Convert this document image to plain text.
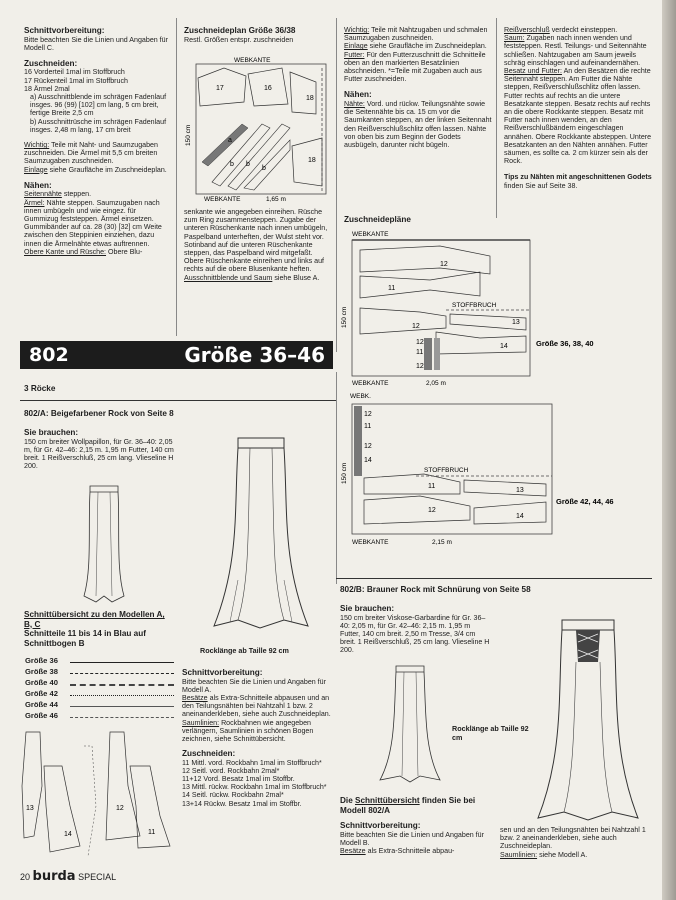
Schnittvorbereitung:

Bitte beachten Sie die Linien und Angaben für Modell C.

Zuschneiden:

16 Vorderteil 1mal im Stoffbruch

17 Rückenteil 1mal im Stoffbruch

18 Ärmel 2mal

a) Ausschnittblende im schrägen Fadenlauf insges. 96 (99) [102] cm lang, 5 cm breit, fertige Breite 2,5 cm

b) Ausschnittrüsche im schrägen Fadenlauf insges. 2,48 m lang, 17 cm breit

Wichtig: Teile mit Naht- und Saumzugaben zuschneiden. Die Ärmel mit 5,5 cm breiten Saumzugaben zuschneiden.

Einlage siehe Graufläche im Zuschneideplan.

Nähen:

Seitennähte steppen.

Ärmel: Nähte steppen. Saumzugaben nach innen umbügeln und wie eingez. für Gummizug feststeppen. Ärmel einsetzen. Gummibänder auf ca. 28 (30) [32] cm Weite zwischen den Steppinien einziehen, dazu innen die Ärmelnähte etwas auftrennen.

Obere Kante und Rüsche: Obere Blu-

Zuschneideplan Größe 36/38

Restl. Größen entspr. zuschneiden

WEBKANTE
WEBKANTE	1,65 m
150 cm
17	16
18
18
a
b b
b

senkante wie angegeben einreihen. Rüsche zum Ring zusammensteppen. Zugabe der unteren Rüschenkante nach innen umbügeln, Paspelband unterheften, der Wulst steht vor. Sotinband auf die unteren Rüschenkante steppen, das Paspelband wird mitgefaßt. Obere Rüschenkante einreihen und links auf rechts auf die obere Blusenkante heften.

Ausschnittblende und Saum siehe Bluse A.

Wichtig: Teile mit Nahtzugaben und schmalen Saumzugaben zuschneiden.

Einlage siehe Graufläche im Zuschneideplan.

Futter: Für den Futterzuschnitt die Schnitteile oben an den markierten Besatzlinien abschneiden. *=Teile mit Zugaben auch aus Futter zuschneiden.

Nähen:

Nähte: Vord. und rückw. Teilungsnähte sowie die Seitennähte bis ca. 15 cm vor die Saumkanten steppen, an der linken Seitennaht den Reißverschlußschlitz offen lassen. Nähte von oben bis zum Beginn der Godets ausbügeln, darunter nicht bügeln.

Reißverschluß verdeckt einsteppen.

Saum: Zugaben nach innen wenden und feststeppen. Restl. Teilungs- und Seitennähte schließen. Nahtzugaben am Saum jeweils schräg einschlagen und aufeinandernähen.

Besatz und Futter: An den Besätzen die rechte Seitennaht steppen. Am Futter die Nähte steppen, Reißverschlußschlitz offen lassen. Futter rechts auf rechts an die untere Besatzkante steppen. Besatz rechts auf rechts an die obere Rockkante steppen. Besatz mit Futter nach innen wenden, an den Reißverschlußbändern eingeschlagen annähen. Obere Rockkante absteppen. Untere Besatzkanten an den Nähten annähen. Futter säumen, es sollte ca. 2 cm kürzer sein als der Rock.

Tips zu Nähten mit angeschnittenen Godets finden Sie auf Seite 38.

Zuschneidepläne
WEBKANTE
150 cm
WEBKANTE	2,05 m
STOFFBRUCH
12
11
13
12
14
12
11
12
Größe 36, 38, 40
WEBK.
150 cm
WEBKANTE	2,15 m
STOFFBRUCH
12
11
12
14
11
13
12
14
Größe 42, 44, 46
802	Größe 36–46
3 Röcke
802/A: Beigefarbener Rock von Seite 8

Sie brauchen:

150 cm breiter Wollpapillon, für Gr. 36–40: 2,05 m, für Gr. 42–46: 2,15 m. 1,95 m Futter, 140 cm breit. 1 Reißverschluß, 25 cm lang. Vlieseline H 200.

Rocklänge ab Taille 92 cm

Schnittübersicht zu den Modellen A, B, C

Schnitteile 11 bis 14 in Blau auf Schnittbogen B

Größe 36
Größe 38
Größe 40
Größe 42
Größe 44
Größe 46
13
14
12
11

Schnittvorbereitung:

Bitte beachten Sie die Linien und Angaben für Modell A.

Besätze als Extra-Schnitteile abpausen und an den Teilungsnähten bei Nahtzahl 1 bzw. 2 aneinanderkleben, siehe auch Zuschneideplan.

Saumlinien: Rockbahnen wie angegeben verlängern, Saumlinien in schönen Bogen zeichnen, siehe Schnittübersicht.

Zuschneiden:

11 Mittl. vord. Rockbahn 1mal im Stoffbruch*

12 Seitl. vord. Rockbahn 2mal*

11+12 Vord. Besatz 1mal im Stoffbr.

13 Mittl. rückw. Rockbahn 1mal im Stoffbruch*

14 Seitl. rückw. Rockbahn 2mal*

13+14 Rückw. Besatz 1mal im Stoffbr.

802/B: Brauner Rock mit Schnürung von Seite 58

Sie brauchen:

150 cm breiter Viskose-Garbardine für Gr. 36–40: 2,05 m, für Gr. 42–46: 2,15 m. 1,95 m Futter, 140 cm breit. 2,50 m Tresse, 3/4 cm breit. 1 Reißverschluß, 25 cm lang. Vlieseline H 200.

Rocklänge ab Taille 92 cm

Die Schnittübersicht finden Sie bei Modell 802/A

Schnittvorbereitung:

Bitte beachten Sie die Linien und Angaben für Modell B.

Besätze als Extra-Schnitteile abpau-

sen und an den Teilungsnähten bei Nahtzahl 1 bzw. 2 aneinanderkleben, siehe auch Zuschneideplan.

Saumlinien: siehe Modell A.

20 burda SPECIAL
